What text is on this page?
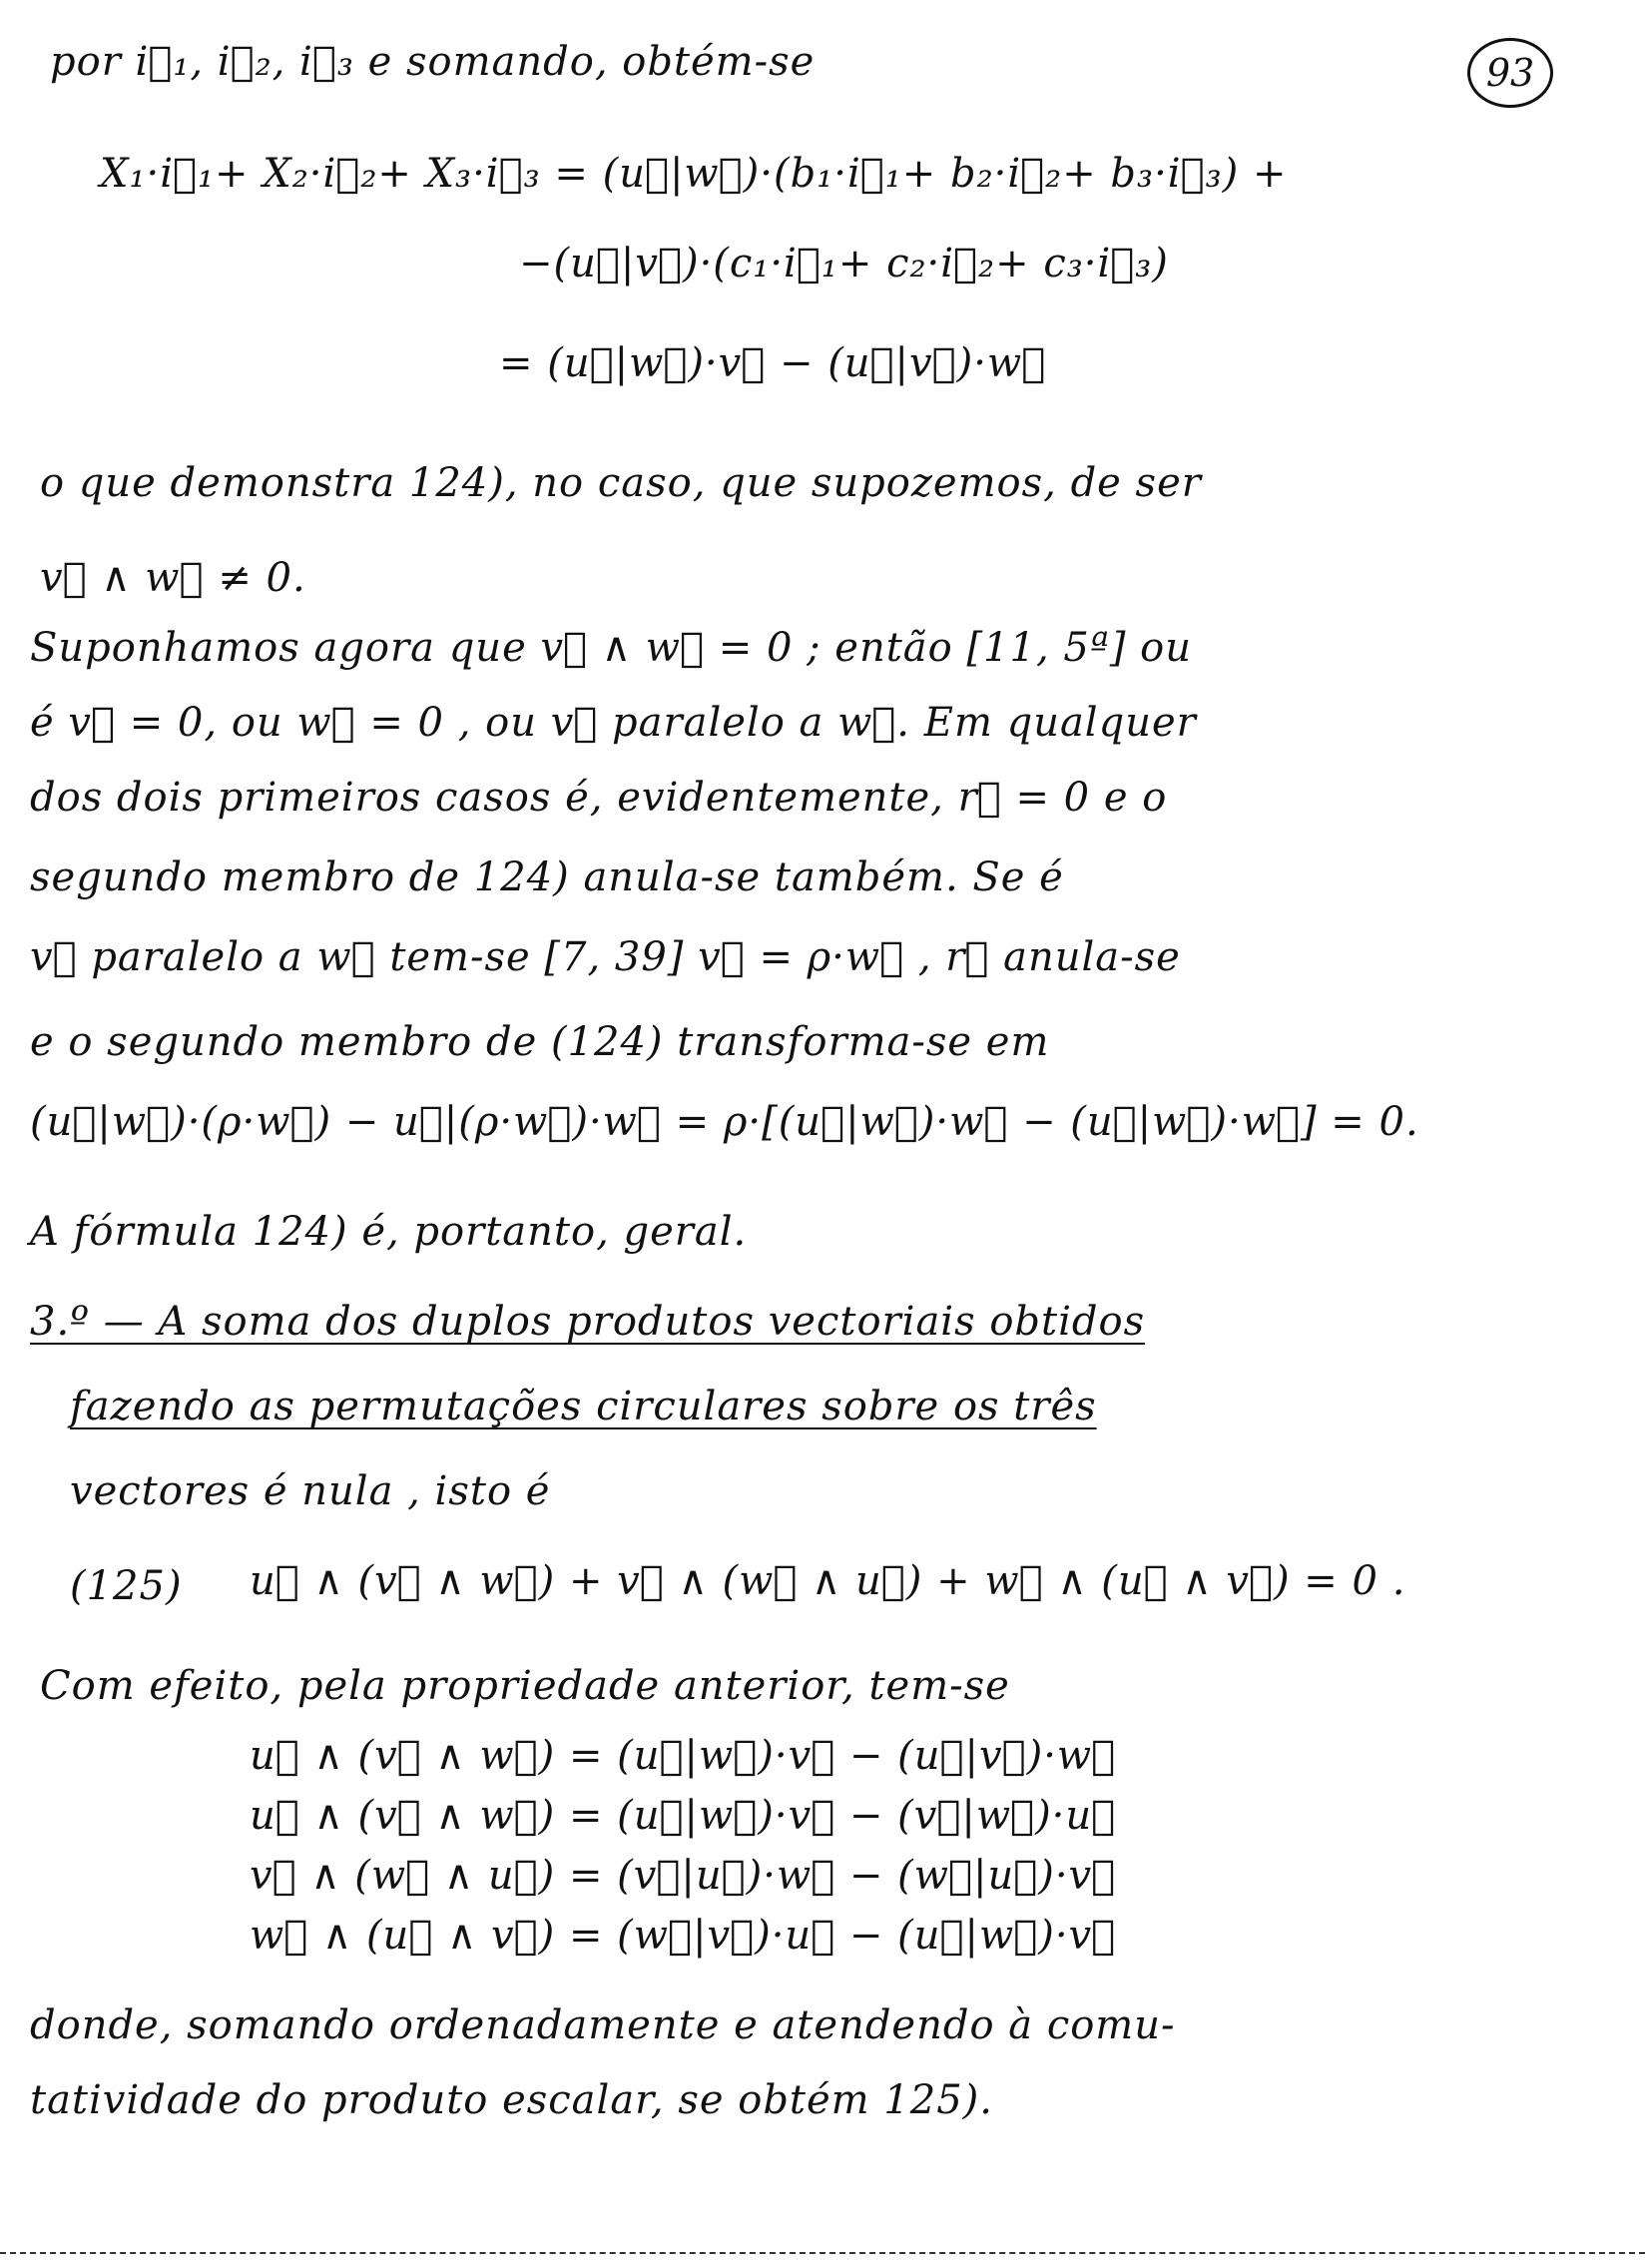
93
por i⃗₁, i⃗₂, i⃗₃ e somando, obtém-se
X₁·i⃗₁+ X₂·i⃗₂+ X₃·i⃗₃ = (u⃗|w⃗)·(b₁·i⃗₁+ b₂·i⃗₂+ b₃·i⃗₃) +
−(u⃗|v⃗)·(c₁·i⃗₁+ c₂·i⃗₂+ c₃·i⃗₃)
= (u⃗|w⃗)·v⃗ − (u⃗|v⃗)·w⃗
o que demonstra 124), no caso, que supozemos, de ser
v⃗ ∧ w⃗ ≠ 0.
Suponhamos agora que v⃗ ∧ w⃗ = 0 ; então [11, 5ª] ou
é v⃗ = 0, ou w⃗ = 0 , ou v⃗ paralelo a w⃗. Em qualquer
dos dois primeiros casos é, evidentemente, r⃗ = 0 e o
segundo membro de 124) anula-se também. Se é
v⃗ paralelo a w⃗ tem-se [7, 39] v⃗ = ρ·w⃗ , r⃗ anula-se
e o segundo membro de (124) transforma-se em
(u⃗|w⃗)·(ρ·w⃗) − u⃗|(ρ·w⃗)·w⃗ = ρ·[(u⃗|w⃗)·w⃗ − (u⃗|w⃗)·w⃗] = 0.
A fórmula 124) é, portanto, geral.
3.º — A soma dos duplos produtos vectoriais obtidos
fazendo as permutações circulares sobre os três
vectores é nula , isto é
(125) u⃗ ∧ (v⃗ ∧ w⃗) + v⃗ ∧ (w⃗ ∧ u⃗) + w⃗ ∧ (u⃗ ∧ v⃗) = 0 .
Com efeito, pela propriedade anterior, tem-se
u⃗ ∧ (v⃗ ∧ w⃗) = (u⃗|w⃗)·v⃗ − (u⃗|v⃗)·w⃗
u⃗ ∧ (v⃗ ∧ w⃗) = (u⃗|w⃗)·v⃗ − (v⃗|w⃗)·u⃗
v⃗ ∧ (w⃗ ∧ u⃗) = (v⃗|u⃗)·w⃗ − (w⃗|u⃗)·v⃗
w⃗ ∧ (u⃗ ∧ v⃗) = (w⃗|v⃗)·u⃗ − (u⃗|w⃗)·v⃗
donde, somando ordenadamente e atendendo à comu-
tatividade do produto escalar, se obtém 125).
